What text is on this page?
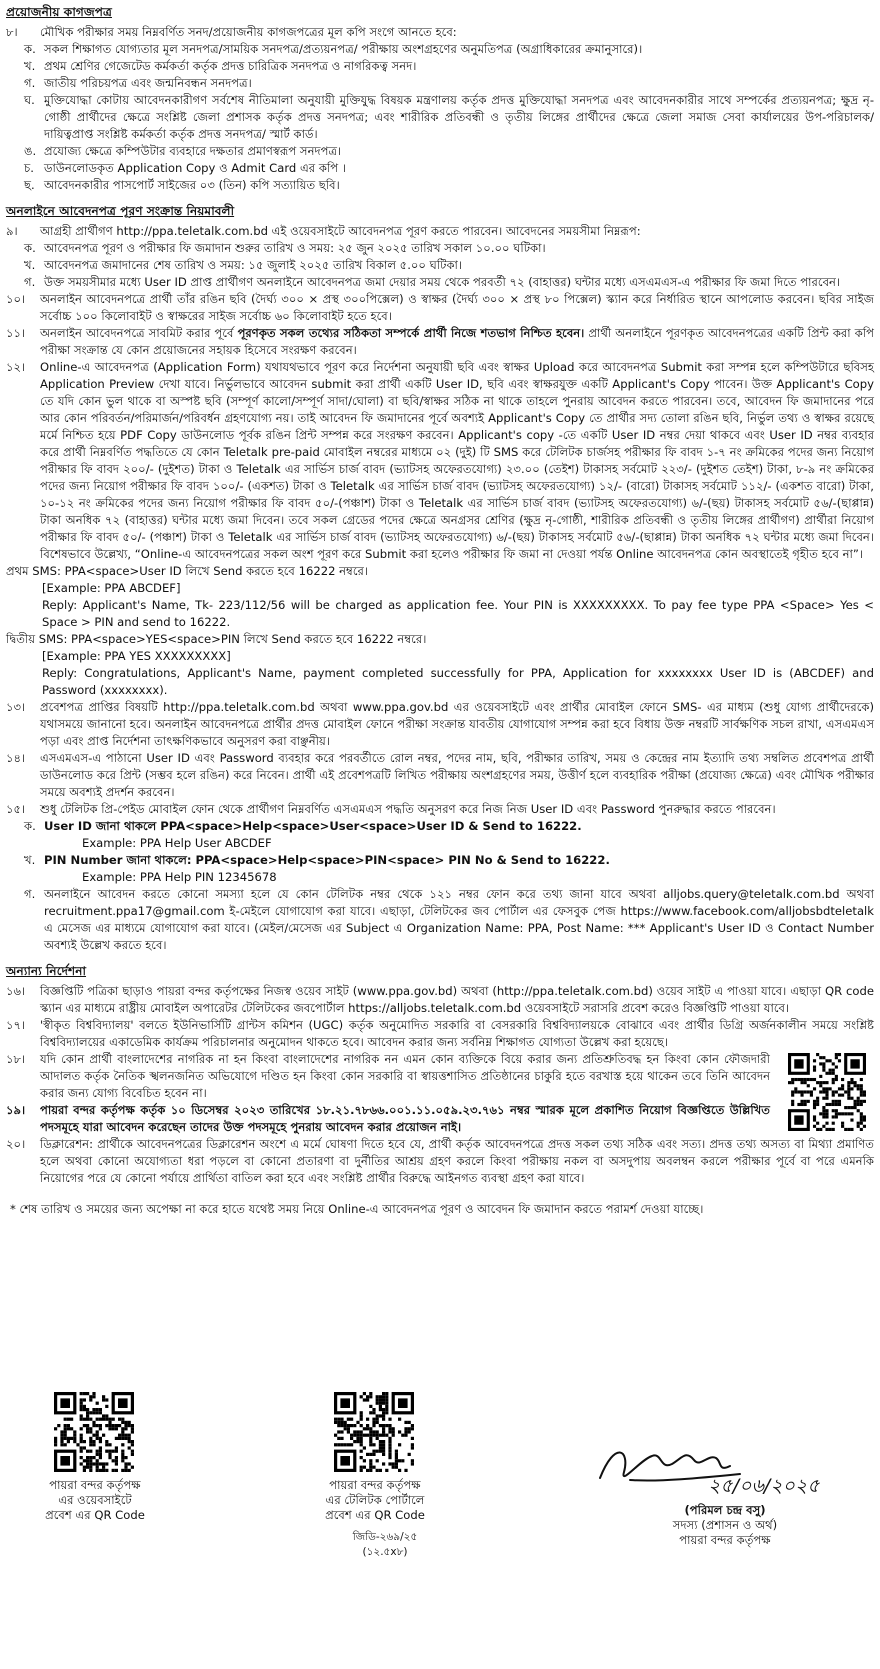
প্রয়োজনীয় কাগজপত্র
৮। মৌখিক পরীক্ষার সময় নিম্নবর্ণিত সনদ/প্রয়োজনীয় কাগজপত্রের মূল কপি সংগে আনতে হবে:
ক. সকল শিক্ষাগত যোগ্যতার মূল সনদপত্র/সাময়িক সনদপত্র/প্রত্যয়নপত্র/ পরীক্ষায় অংশগ্রহণের অনুমতিপত্র (অগ্রাধিকারের ক্রমানুসারে)।
খ. প্রথম শ্রেণির গেজেটেড কর্মকর্তা কর্তৃক প্রদত্ত চারিত্রিক সনদপত্র ও নাগরিকত্ব সনদ।
গ. জাতীয় পরিচয়পত্র এবং জন্মনিবন্ধন সনদপত্র।
ঘ. মুক্তিযোদ্ধা কোটায় আবেদনকারীগণ সর্বশেষ নীতিমালা অনুযায়ী মুক্তিযুদ্ধ বিষয়ক মন্ত্রণালয় কর্তৃক প্রদত্ত মুক্তিযোদ্ধা সনদপত্র এবং আবেদনকারীর সাথে সম্পর্কের প্রত্যয়নপত্র; ক্ষুদ্র নৃ-গোষ্ঠী প্রার্থীদের ক্ষেত্রে সংশ্লিষ্ট জেলা প্রশাসক কর্তৃক প্রদত্ত সনদপত্র; এবং শারীরিক প্রতিবন্ধী ও তৃতীয় লিঙ্গের প্রার্থীদের ক্ষেত্রে জেলা সমাজ সেবা কার্যালয়ের উপ-পরিচালক/ দায়িত্বপ্রাপ্ত সংশ্লিষ্ট কর্মকর্তা কর্তৃক প্রদত্ত সনদপত্র/ স্মার্ট কার্ড।
ঙ. প্রযোজ্য ক্ষেত্রে কম্পিউটার ব্যবহারে দক্ষতার প্রমাণস্বরূপ সনদপত্র।
চ. ডাউনলোডকৃত Application Copy ও Admit Card এর কপি ।
ছ. আবেদনকারীর পাসপোর্ট সাইজের ০৩ (তিন) কপি সত্যায়িত ছবি।
অনলাইনে আবেদনপত্র পূরণ সংক্রান্ত নিয়মাবলী
৯। আগ্রহী প্রার্থীগণ http://ppa.teletalk.com.bd এই ওয়েবসাইটে আবেদনপত্র পূরণ করতে পারবেন। আবেদনের সময়সীমা নিম্নরূপ:
ক. আবেদনপত্র পূরণ ও পরীক্ষার ফি জমাদান শুরুর তারিখ ও সময়: ২৫ জুন ২০২৫ তারিখ সকাল ১০.০০ ঘটিকা।
খ. আবেদনপত্র জমাদানের শেষ তারিখ ও সময়: ১৫ জুলাই ২০২৫ তারিখ বিকাল ৫.০০ ঘটিকা।
গ. উক্ত সময়সীমার মধ্যে User ID প্রাপ্ত প্রার্থীগণ অনলাইনে আবেদনপত্র জমা দেয়ার সময় থেকে পরবর্তী ৭২ (বাহাত্তর) ঘন্টার মধ্যে এসএমএস-এ পরীক্ষার ফি জমা দিতে পারবেন।
১০। অনলাইন আবেদনপত্রে প্রার্থী তাঁর রঙিন ছবি (দৈর্ঘ্য ৩০০ × প্রস্থ ৩০০পিক্সেল) ও স্বাক্ষর (দৈর্ঘ্য ৩০০ × প্রস্থ ৮০ পিক্সেল) স্ক্যান করে নির্ধারিত স্থানে আপলোড করবেন। ছবির সাইজ সর্বোচ্চ ১০০ কিলোবাইট ও স্বাক্ষরের সাইজ সর্বোচ্চ ৬০ কিলোবাইট হতে হবে।
১১। অনলাইন আবেদনপত্রে সাবমিট করার পূর্বে পূরণকৃত সকল তথ্যের সঠিকতা সম্পর্কে প্রার্থী নিজে শতভাগ নিশ্চিত হবেন। প্রার্থী অনলাইনে পূরণকৃত আবেদনপত্রের একটি প্রিন্ট করা কপি পরীক্ষা সংক্রান্ত যে কোন প্রয়োজনের সহায়ক হিসেবে সংরক্ষণ করবেন।
১২। Online-এ আবেদনপত্র (Application Form) যথাযথভাবে পূরণ করে নির্দেশনা অনুযায়ী ছবি এবং স্বাক্ষর Upload করে আবেদনপত্র Submit করা সম্পন্ন হলে কম্পিউটারে ছবিসহ Application Preview দেখা যাবে। নির্ভুলভাবে আবেদন submit করা প্রার্থী একটি User ID, ছবি এবং স্বাক্ষরযুক্ত একটি Applicant's Copy পাবেন। উক্ত Applicant's Copy তে যদি কোন ভুল থাকে বা অস্পষ্ট ছবি (সম্পূর্ণ কালো/সম্পূর্ণ সাদা/ঘোলা) বা ছবি/স্বাক্ষর সঠিক না থাকে তাহলে পুনরায় আবেদন করতে পারবেন। তবে, আবেদন ফি জমাদানের পরে আর কোন পরিবর্তন/পরিমার্জন/পরিবর্ধন গ্রহণযোগ্য নয়। তাই আবেদন ফি জমাদানের পূর্বে অবশ্যই Applicant's Copy তে প্রার্থীর সদ্য তোলা রঙিন ছবি, নির্ভুল তথ্য ও স্বাক্ষর রয়েছে মর্মে নিশ্চিত হয়ে PDF Copy ডাউনলোড পূর্বক রঙিন প্রিন্ট সম্পন্ন করে সংরক্ষণ করবেন। Applicant's copy -তে একটি User ID নম্বর দেয়া থাকবে এবং User ID নম্বর ব্যবহার করে প্রার্থী নিম্নবর্ণিত পদ্ধতিতে যে কোন Teletalk pre-paid মোবাইল নম্বরের মাধ্যমে ০২ (দুই) টি SMS করে টেলিটক চার্জসহ পরীক্ষার ফি বাবদ ১-৭ নং ক্রমিকের পদের জন্য নিয়োগ পরীক্ষার ফি বাবদ ২০০/- (দুইশত) টাকা ও Teletalk এর সার্ভিস চার্জ বাবদ (ভ্যাটসহ অফেরতযোগ্য) ২৩.০০ (তেইশ) টাকাসহ সর্বমোট ২২৩/- (দুইশত তেইশ) টাকা, ৮-৯ নং ক্রমিকের পদের জন্য নিয়োগ পরীক্ষার ফি বাবদ ১০০/- (একশত) টাকা ও Teletalk এর সার্ভিস চার্জ বাবদ (ভ্যাটসহ অফেরতযোগ্য) ১২/- (বারো) টাকাসহ সর্বমোট ১১২/- (একশত বারো) টাকা, ১০-১২ নং ক্রমিকের পদের জন্য নিয়োগ পরীক্ষার ফি বাবদ ৫০/-(পঞ্চাশ) টাকা ও Teletalk এর সার্ভিস চার্জ বাবদ (ভ্যাটসহ অফেরতযোগ্য) ৬/-(ছয়) টাকাসহ সর্বমোট ৫৬/-(ছাপ্পান্ন) টাকা অনধিক ৭২ (বাহাত্তর) ঘন্টার মধ্যে জমা দিবেন। তবে সকল গ্রেডের পদের ক্ষেত্রে অনগ্রসর শ্রেণির (ক্ষুদ্র নৃ-গোষ্ঠী, শারীরিক প্রতিবন্ধী ও তৃতীয় লিঙ্গের প্রার্থীগণ) প্রার্থীরা নিয়োগ পরীক্ষার ফি বাবদ ৫০/- (পঞ্চাশ) টাকা ও Teletalk এর সার্ভিস চার্জ বাবদ (ভ্যাটসহ অফেরতযোগ্য) ৬/-(ছয়) টাকাসহ সর্বমোট ৫৬/-(ছাপ্পান্ন) টাকা অনধিক ৭২ ঘন্টার মধ্যে জমা দিবেন। বিশেষভাবে উল্লেখ্য, “Online-এ আবেদনপত্রের সকল অংশ পূরণ করে Submit করা হলেও পরীক্ষার ফি জমা না দেওয়া পর্যন্ত Online আবেদনপত্র কোন অবস্থাতেই গৃহীত হবে না”।
প্রথম SMS: PPA<space>User ID লিখে Send করতে হবে 16222 নম্বরে।
[Example: PPA ABCDEF]
Reply: Applicant's Name, Tk- 223/112/56 will be charged as application fee. Your PIN is XXXXXXXXX. To pay fee type PPA <Space> Yes < Space > PIN and send to 16222.
দ্বিতীয় SMS: PPA<space>YES<space>PIN লিখে Send করতে হবে 16222 নম্বরে।
[Example: PPA YES XXXXXXXXX]
Reply: Congratulations, Applicant's Name, payment completed successfully for PPA, Application for xxxxxxxx User ID is (ABCDEF) and Password (xxxxxxxx).
১৩। প্রবেশপত্র প্রাপ্তির বিষয়টি http://ppa.teletalk.com.bd অথবা www.ppa.gov.bd এর ওয়েবসাইটে এবং প্রার্থীর মোবাইল ফোনে SMS- এর মাধ্যম (শুধু যোগ্য প্রার্থীদেরকে) যথাসময়ে জানানো হবে। অনলাইন আবেদনপত্রে প্রার্থীর প্রদত্ত মোবাইল ফোনে পরীক্ষা সংক্রান্ত যাবতীয় যোগাযোগ সম্পন্ন করা হবে বিধায় উক্ত নম্বরটি সার্বক্ষণিক সচল রাখা, এসএমএস পড়া এবং প্রাপ্ত নির্দেশনা তাৎক্ষণিকভাবে অনুসরণ করা বাঞ্ছনীয়।
১৪। এসএমএস-এ পাঠানো User ID এবং Password ব্যবহার করে পরবর্তীতে রোল নম্বর, পদের নাম, ছবি, পরীক্ষার তারিখ, সময় ও কেন্দ্রের নাম ইত্যাদি তথ্য সম্বলিত প্রবেশপত্র প্রার্থী ডাউনলোড করে প্রিন্ট (সম্ভব হলে রঙিন) করে নিবেন। প্রার্থী এই প্রবেশপত্রটি লিখিত পরীক্ষায় অংশগ্রহণের সময়, উত্তীর্ণ হলে ব্যবহারিক পরীক্ষা (প্রযোজ্য ক্ষেত্রে) এবং মৌখিক পরীক্ষার সময়ে অবশ্যই প্রদর্শন করবেন।
১৫। শুধু টেলিটক প্রি-পেইড মোবাইল ফোন থেকে প্রার্থীগণ নিম্নবর্ণিত এসএমএস পদ্ধতি অনুসরণ করে নিজ নিজ User ID এবং Password পুনরুদ্ধার করতে পারবেন।
ক. User ID জানা থাকলে PPA<space>Help<space>User<space>User ID & Send to 16222.
Example: PPA Help User ABCDEF
খ. PIN Number জানা থাকলে: PPA<space>Help<space>PIN<space> PIN No & Send to 16222.
Example: PPA Help PIN 12345678
গ. অনলাইনে আবেদন করতে কোনো সমস্যা হলে যে কোন টেলিটক নম্বর থেকে ১২১ নম্বর ফোন করে তথ্য জানা যাবে অথবা alljobs.query@teletalk.com.bd অথবা recruitment.ppa17@gmail.com ই-মেইলে যোগাযোগ করা যাবে। এছাড়া, টেলিটকের জব পোর্টাল এর ফেসবুক পেজ https://www.facebook.com/alljobsbdteletalk এ মেসেজ এর মাধ্যমে যোগাযোগ করা যাবে। (মেইল/মেসেজ এর Subject এ Organization Name: PPA, Post Name: *** Applicant's User ID ও Contact Number অবশ্যই উল্লেখ করতে হবে।
অন্যান্য নির্দেশনা
১৬। বিজ্ঞপ্তিটি পত্রিকা ছাড়াও পায়রা বন্দর কর্তৃপক্ষের নিজস্ব ওয়েব সাইট (www.ppa.gov.bd) অথবা (http://ppa.teletalk.com.bd) ওয়েব সাইট এ পাওয়া যাবে। এছাড়া QR code স্ক্যান এর মাধ্যমে রাষ্ট্রীয় মোবাইল অপারেটর টেলিটকের জবপোর্টাল https://alljobs.teletalk.com.bd ওয়েবসাইটে সরাসরি প্রবেশ করেও বিজ্ঞপ্তিটি পাওয়া যাবে।
১৭। 'স্বীকৃত বিশ্ববিদ্যালয়' বলতে ইউনিভার্সিটি গ্রান্টস কমিশন (UGC) কর্তৃক অনুমোদিত সরকারি বা বেসরকারি বিশ্ববিদ্যালয়কে বোঝাবে এবং প্রার্থীর ডিগ্রি অর্জনকালীন সময়ে সংশ্লিষ্ট বিশ্ববিদ্যালয়ের একাডেমিক কার্যক্রম পরিচালনার অনুমোদন থাকতে হবে। আবেদন করার জন্য সর্বনিম্ন শিক্ষাগত যোগ্যতা উল্লেখ করা হয়েছে।
১৮। যদি কোন প্রার্থী বাংলাদেশের নাগরিক না হন কিংবা বাংলাদেশের নাগরিক নন এমন কোন ব্যক্তিকে বিয়ে করার জন্য প্রতিশ্রুতিবদ্ধ হন কিংবা কোন ফৌজদারী আদালত কর্তৃক নৈতিক স্খলনজনিত অভিযোগে দণ্ডিত হন কিংবা কোন সরকারি বা স্বায়ত্তশাসিত প্রতিষ্ঠানের চাকুরি হতে বরখাস্ত হয়ে থাকেন তবে তিনি আবেদন করার জন্য যোগ্য বিবেচিত হবেন না।
১৯। পায়রা বন্দর কর্তৃপক্ষ কর্তৃক ১০ ডিসেম্বর ২০২৩ তারিখের ১৮.২১.৭৮৬৬.০০১.১১.০৫৯.২৩.৭৬১ নম্বর স্মারক মূলে প্রকাশিত নিয়োগ বিজ্ঞপ্তিতে উল্লিখিত পদসমূহে যারা আবেদন করেছেন তাদের উক্ত পদসমূহে পুনরায় আবেদন করার প্রয়োজন নাই।
২০। ডিক্লারেশন: প্রার্থীকে আবেদনপত্রের ডিক্লারেশন অংশে এ মর্মে ঘোষণা দিতে হবে যে, প্রার্থী কর্তৃক আবেদনপত্রে প্রদত্ত সকল তথ্য সঠিক এবং সত্য। প্রদত্ত তথ্য অসত্য বা মিথ্যা প্রমাণিত হলে অথবা কোনো অযোগ্যতা ধরা পড়লে বা কোনো প্রতারণা বা দুর্নীতির আশ্রয় গ্রহণ করলে কিংবা পরীক্ষায় নকল বা অসদুপায় অবলম্বন করলে পরীক্ষার পূর্বে বা পরে এমনকি নিয়োগের পরে যে কোনো পর্যায়ে প্রার্থিতা বাতিল করা হবে এবং সংশ্লিষ্ট প্রার্থীর বিরুদ্ধে আইনগত ব্যবস্থা গ্রহণ করা যাবে।
* শেষ তারিখ ও সময়ের জন্য অপেক্ষা না করে হাতে যথেষ্ট সময় নিয়ে Online-এ আবেদনপত্র পূরণ ও আবেদন ফি জমাদান করতে পরামর্শ দেওয়া যাচ্ছে।
পায়রা বন্দর কর্তৃপক্ষ
এর ওয়েবসাইটে
প্রবেশ এর QR Code
পায়রা বন্দর কর্তৃপক্ষ
এর টেলিটক পোর্টালে
প্রবেশ এর QR Code
জিডি-২৬৯/২৫ (১২.৫x৮)
২৫/০৬/২০২৫
(পরিমল চন্দ্র বসু)
সদস্য (প্রশাসন ও অর্থ)
পায়রা বন্দর কর্তৃপক্ষ
